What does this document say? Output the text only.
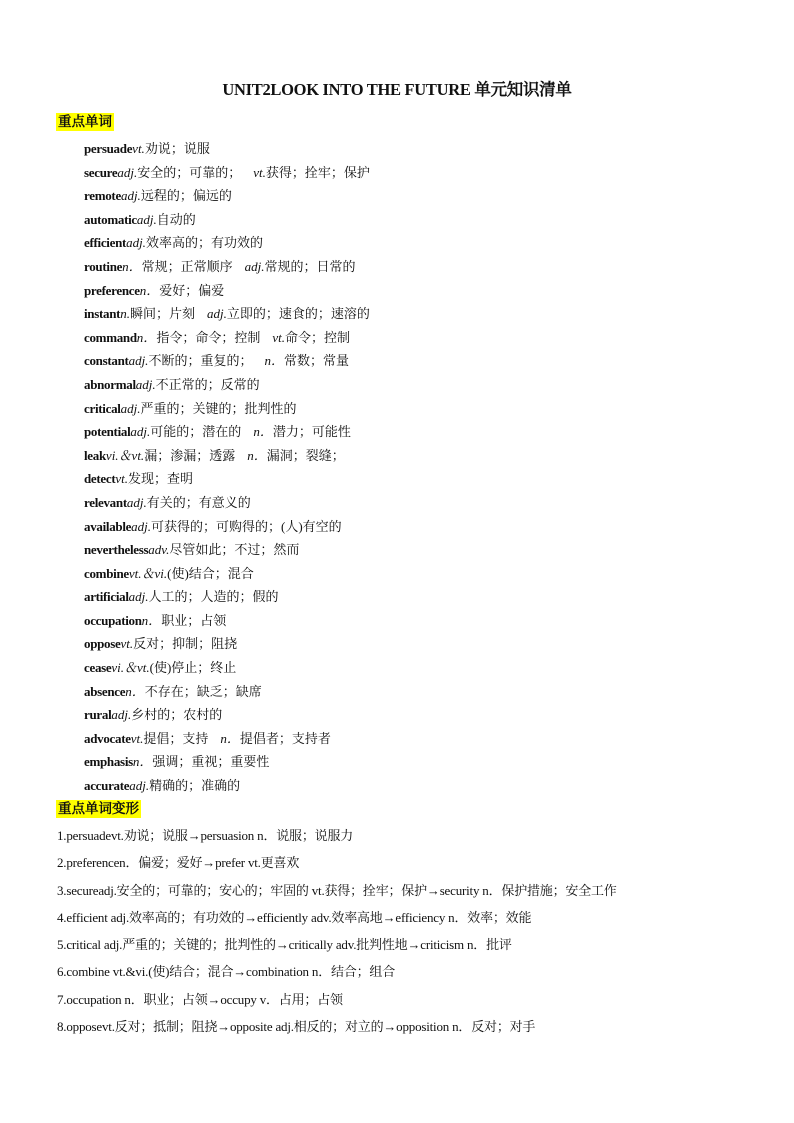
UNIT2LOOK INTO THE FUTURE 单元知识清单
重点单词
persuadevt.劝说；说服
secureadj.安全的；可靠的； vt.获得；拴牢；保护
remoteadj.远程的；偏远的
automaticadj.自动的
efficientadj.效率高的；有功效的
routinen．常规；正常顺序 adj.常规的；日常的
preferencen．爱好；偏爱
instantn.瞬间；片刻 adj.立即的；速食的；速溶的
commandn．指令；命令；控制 vt.命令；控制
constantadj.不断的；重复的； n．常数；常量
abnormaladj.不正常的；反常的
criticaladj.严重的；关键的；批判性的
potentialadj.可能的；潜在的 n．潜力；可能性
leakvi.＆vt.漏；渗漏；透露 n．漏洞；裂缝；
detectvt.发现；查明
relevantadj.有关的；有意义的
availableadj.可获得的；可购得的；(人)有空的
neverthelessadv.尽管如此；不过；然而
combinevt.＆vi.(使)结合；混合
artificialadj.人工的；人造的；假的
occupationn．职业；占领
opposevt.反对；抑制；阻挠
ceasevi.＆vt.(使)停止；终止
absencen．不存在；缺乏；缺席
ruraladj.乡村的；农村的
advocatevt.提倡；支持 n．提倡者；支持者
emphasisn．强调；重视；重要性
accurateadj.精确的；准确的
重点单词变形
1.persuadevt.劝说；说服→persuasion n．说服；说服力
2.preferencen．偏爱；爱好→prefer vt.更喜欢
3.secureadj.安全的；可靠的；安心的；牢固的 vt.获得；拴牢；保护→security n．保护措施；安全工作
4.efficient adj.效率高的；有功效的→efficiently adv.效率高地→efficiency n．效率；效能
5.critical adj.严重的；关键的；批判性的→critically adv.批判性地→criticism n．批评
6.combine vt.&vi.(使)结合；混合→combination n．结合；组合
7.occupation n．职业；占领→occupy v．占用；占领
8.opposevt.反对；抵制；阻挠→opposite adj.相反的；对立的→opposition n．反对；对手
